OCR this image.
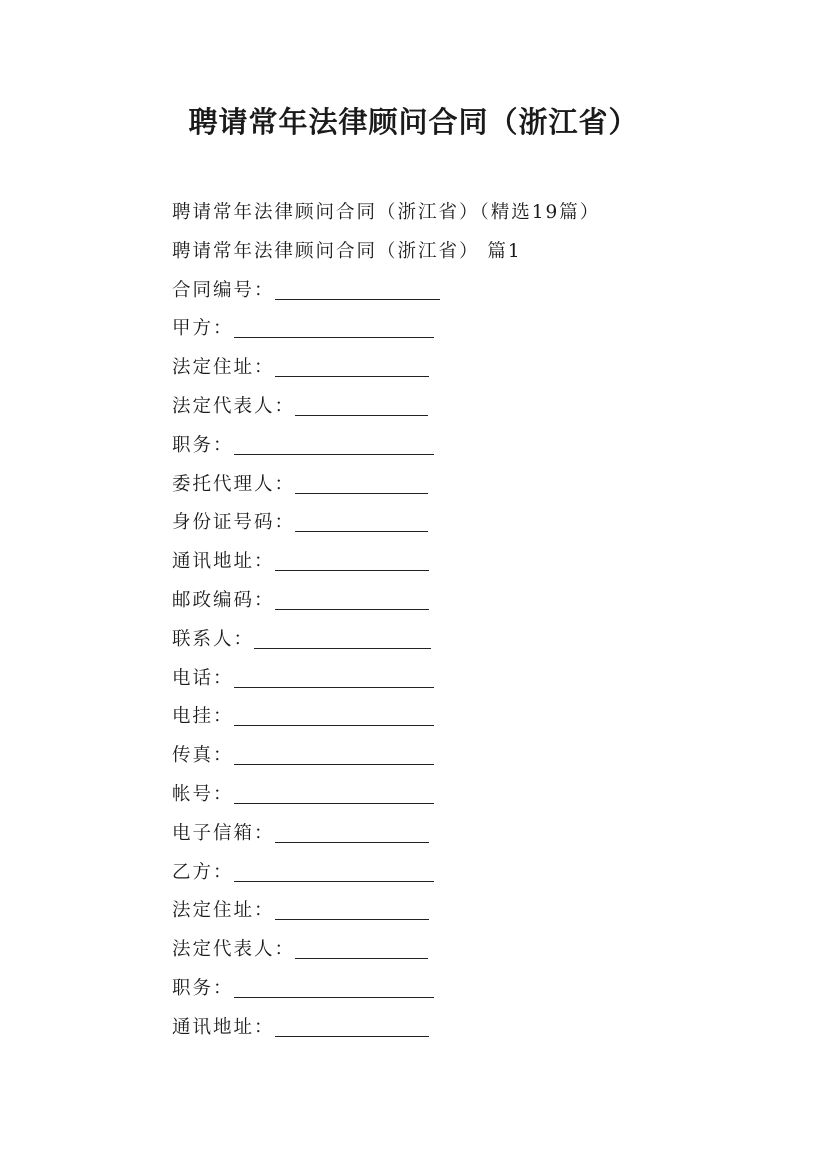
聘请常年法律顾问合同（浙江省）
聘请常年法律顾问合同（浙江省）（精选19篇）
聘请常年法律顾问合同（浙江省） 篇1
合同编号：
甲方：
法定住址：
法定代表人：
职务：
委托代理人：
身份证号码：
通讯地址：
邮政编码：
联系人：
电话：
电挂：
传真：
帐号：
电子信箱：
乙方：
法定住址：
法定代表人：
职务：
通讯地址：
